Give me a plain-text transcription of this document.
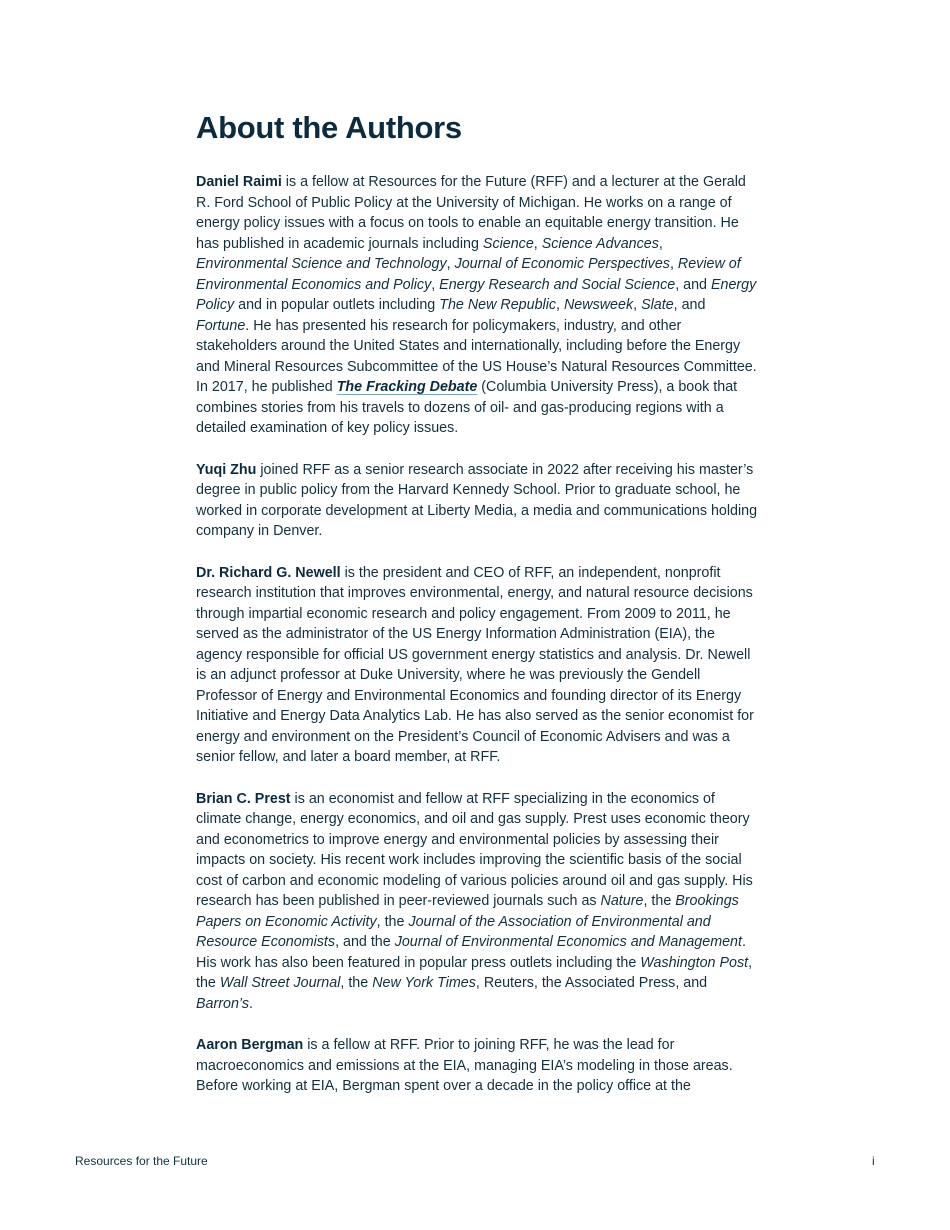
About the Authors

Daniel Raimi is a fellow at Resources for the Future (RFF) and a lecturer at the Gerald R. Ford School of Public Policy at the University of Michigan. He works on a range of energy policy issues with a focus on tools to enable an equitable energy transition. He has published in academic journals including Science, Science Advances, Environmental Science and Technology, Journal of Economic Perspectives, Review of Environmental Economics and Policy, Energy Research and Social Science, and Energy Policy and in popular outlets including The New Republic, Newsweek, Slate, and Fortune. He has presented his research for policymakers, industry, and other stakeholders around the United States and internationally, including before the Energy and Mineral Resources Subcommittee of the US House’s Natural Resources Committee. In 2017, he published The Fracking Debate (Columbia University Press), a book that combines stories from his travels to dozens of oil- and gas-producing regions with a detailed examination of key policy issues.

Yuqi Zhu joined RFF as a senior research associate in 2022 after receiving his master’s degree in public policy from the Harvard Kennedy School. Prior to graduate school, he worked in corporate development at Liberty Media, a media and communications holding company in Denver.

Dr. Richard G. Newell is the president and CEO of RFF, an independent, nonprofit research institution that improves environmental, energy, and natural resource decisions through impartial economic research and policy engagement. From 2009 to 2011, he served as the administrator of the US Energy Information Administration (EIA), the agency responsible for official US government energy statistics and analysis. Dr. Newell is an adjunct professor at Duke University, where he was previously the Gendell Professor of Energy and Environmental Economics and founding director of its Energy Initiative and Energy Data Analytics Lab. He has also served as the senior economist for energy and environment on the President’s Council of Economic Advisers and was a senior fellow, and later a board member, at RFF.

Brian C. Prest is an economist and fellow at RFF specializing in the economics of climate change, energy economics, and oil and gas supply. Prest uses economic theory and econometrics to improve energy and environmental policies by assessing their impacts on society. His recent work includes improving the scientific basis of the social cost of carbon and economic modeling of various policies around oil and gas supply. His research has been published in peer-reviewed journals such as Nature, the Brookings Papers on Economic Activity, the Journal of the Association of Environmental and Resource Economists, and the Journal of Environmental Economics and Management. His work has also been featured in popular press outlets including the Washington Post, the Wall Street Journal, the New York Times, Reuters, the Associated Press, and Barron’s.

Aaron Bergman is a fellow at RFF. Prior to joining RFF, he was the lead for macroeconomics and emissions at the EIA, managing EIA’s modeling in those areas. Before working at EIA, Bergman spent over a decade in the policy office at the

Resources for the Future	i
